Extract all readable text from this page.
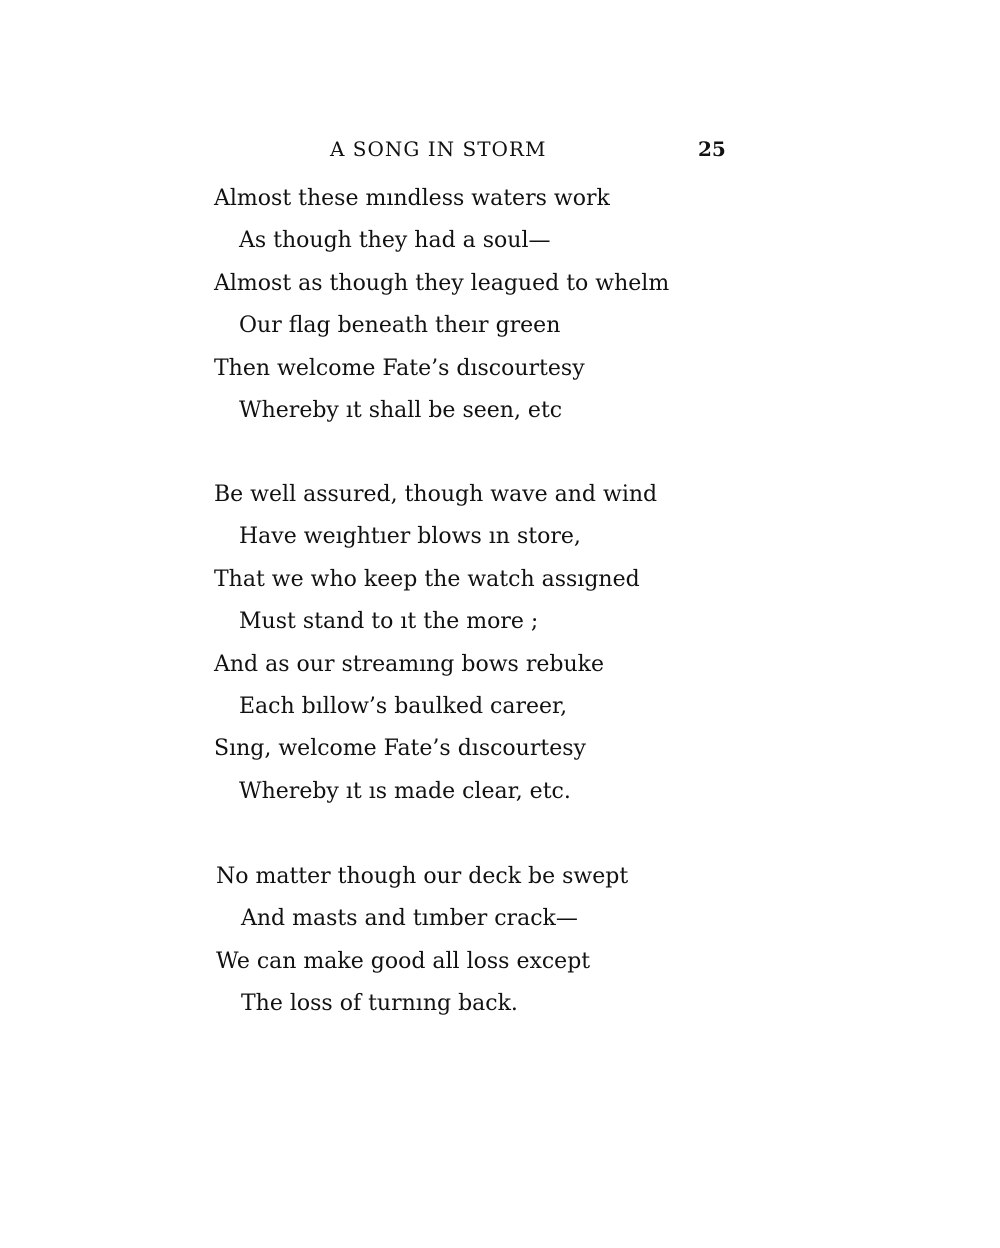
A SONG IN STORM	25
Almost these mındless waters work
As though they had a soul—
Almost as though they leagued to whelm
Our flag beneath theır green
Then welcome Fate’s dıscourtesy
Whereby ıt shall be seen, etc
Be well assured, though wave and wind
Have weıghtıer blows ın store,
That we who keep the watch assıgned
Must stand to ıt the more ;
And as our streamıng bows rebuke
Each bıllow’s baulked career,
Sıng, welcome Fate’s dıscourtesy
Whereby ıt ıs made clear, etc.
No matter though our deck be swept
And masts and tımber crack—
We can make good all loss except
The loss of turnıng back.
